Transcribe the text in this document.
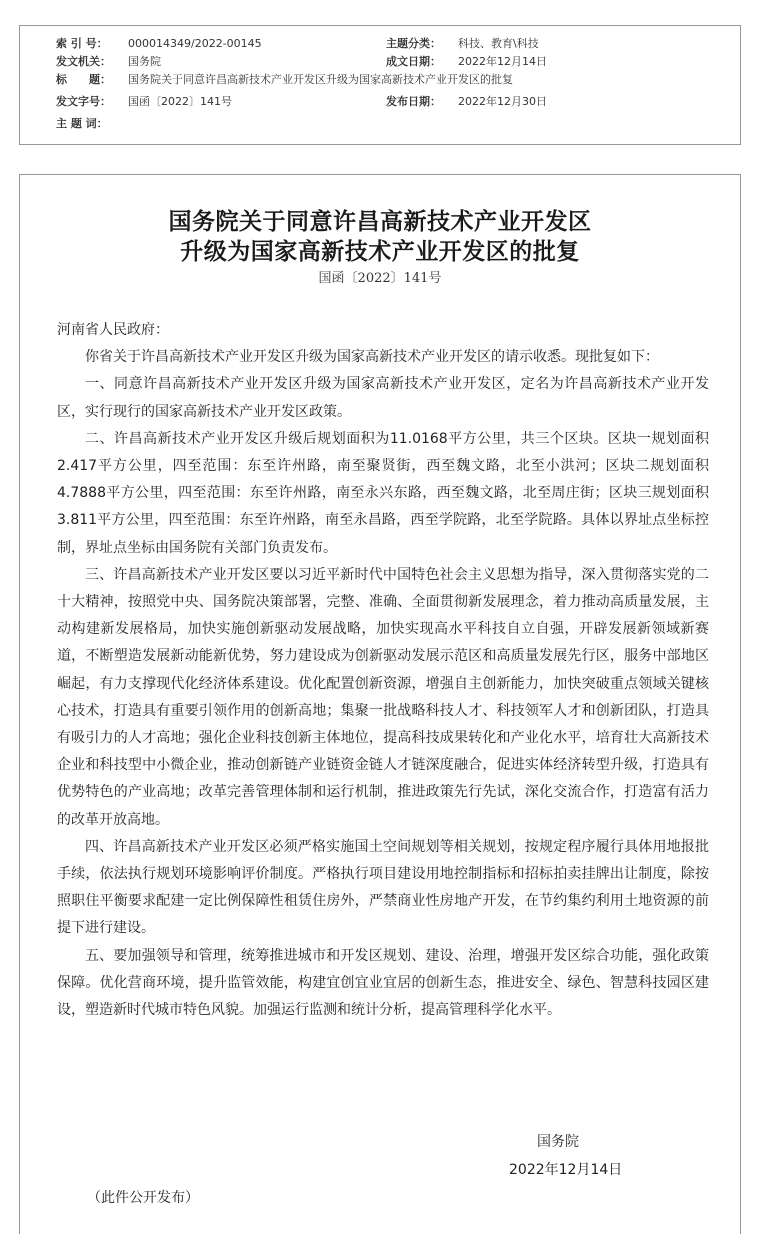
索 引 号： 000014349/2022-00145	主题分类： 科技、教育\科技
发文机关： 国务院	成文日期： 2022年12月14日
标　　题： 国务院关于同意许昌高新技术产业开发区升级为国家高新技术产业开发区的批复
发文字号： 国函〔2022〕141号	发布日期： 2022年12月30日
主 题 词：
国务院关于同意许昌高新技术产业开发区
升级为国家高新技术产业开发区的批复
国函〔2022〕141号

河南省人民政府：

你省关于许昌高新技术产业开发区升级为国家高新技术产业开发区的请示收悉。现批复如下：

一、同意许昌高新技术产业开发区升级为国家高新技术产业开发区，定名为许昌高新技术产业开发区，实行现行的国家高新技术产业开发区政策。

二、许昌高新技术产业开发区升级后规划面积为11.0168平方公里，共三个区块。区块一规划面积2.417平方公里，四至范围：东至许州路，南至聚贤街，西至魏文路，北至小洪河；区块二规划面积4.7888平方公里，四至范围：东至许州路，南至永兴东路，西至魏文路，北至周庄街；区块三规划面积3.811平方公里，四至范围：东至许州路，南至永昌路，西至学院路，北至学院路。具体以界址点坐标控制，界址点坐标由国务院有关部门负责发布。

三、许昌高新技术产业开发区要以习近平新时代中国特色社会主义思想为指导，深入贯彻落实党的二十大精神，按照党中央、国务院决策部署，完整、准确、全面贯彻新发展理念，着力推动高质量发展，主动构建新发展格局，加快实施创新驱动发展战略，加快实现高水平科技自立自强，开辟发展新领域新赛道，不断塑造发展新动能新优势，努力建设成为创新驱动发展示范区和高质量发展先行区，服务中部地区崛起，有力支撑现代化经济体系建设。优化配置创新资源，增强自主创新能力，加快突破重点领域关键核心技术，打造具有重要引领作用的创新高地；集聚一批战略科技人才、科技领军人才和创新团队，打造具有吸引力的人才高地；强化企业科技创新主体地位，提高科技成果转化和产业化水平，培育壮大高新技术企业和科技型中小微企业，推动创新链产业链资金链人才链深度融合，促进实体经济转型升级，打造具有优势特色的产业高地；改革完善管理体制和运行机制，推进政策先行先试，深化交流合作，打造富有活力的改革开放高地。

四、许昌高新技术产业开发区必须严格实施国土空间规划等相关规划，按规定程序履行具体用地报批手续，依法执行规划环境影响评价制度。严格执行项目建设用地控制指标和招标拍卖挂牌出让制度，除按照职住平衡要求配建一定比例保障性租赁住房外，严禁商业性房地产开发，在节约集约利用土地资源的前提下进行建设。

五、要加强领导和管理，统筹推进城市和开发区规划、建设、治理，增强开发区综合功能，强化政策保障。优化营商环境，提升监管效能，构建宜创宜业宜居的创新生态，推进安全、绿色、智慧科技园区建设，塑造新时代城市特色风貌。加强运行监测和统计分析，提高管理科学化水平。

国务院
2022年12月14日
（此件公开发布）
